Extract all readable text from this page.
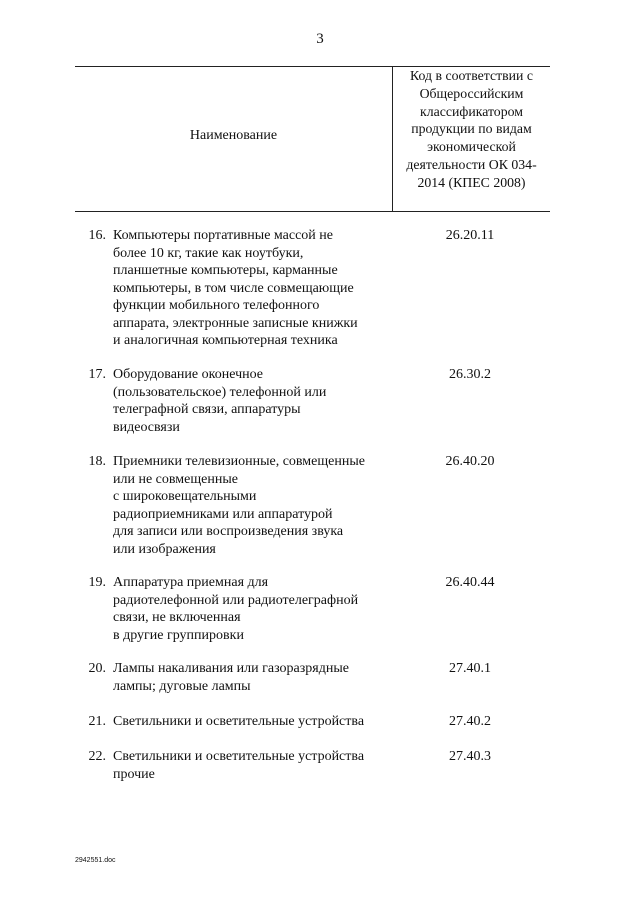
3
Наименование
Код в соответствии с Общероссийским классификатором продукции по видам экономической деятельности ОК 034-2014 (КПЕС 2008)
16. Компьютеры портативные массой не
более 10 кг, такие как ноутбуки,
планшетные компьютеры, карманные
компьютеры, в том числе совмещающие
функции мобильного телефонного
аппарата, электронные записные книжки
и аналогичная компьютерная техника
26.20.11
17. Оборудование оконечное
(пользовательское) телефонной или
телеграфной связи, аппаратуры
видеосвязи
26.30.2
18. Приемники телевизионные, совмещенные
или не совмещенные
с широковещательными
радиоприемниками или аппаратурой
для записи или воспроизведения звука
или изображения
26.40.20
19. Аппаратура приемная для
радиотелефонной или радиотелеграфной
связи, не включенная
в другие группировки
26.40.44
20. Лампы накаливания или газоразрядные
лампы; дуговые лампы
27.40.1
21. Светильники и осветительные устройства	27.40.2
22. Светильники и осветительные устройства
прочие
27.40.3
2942551.doc
